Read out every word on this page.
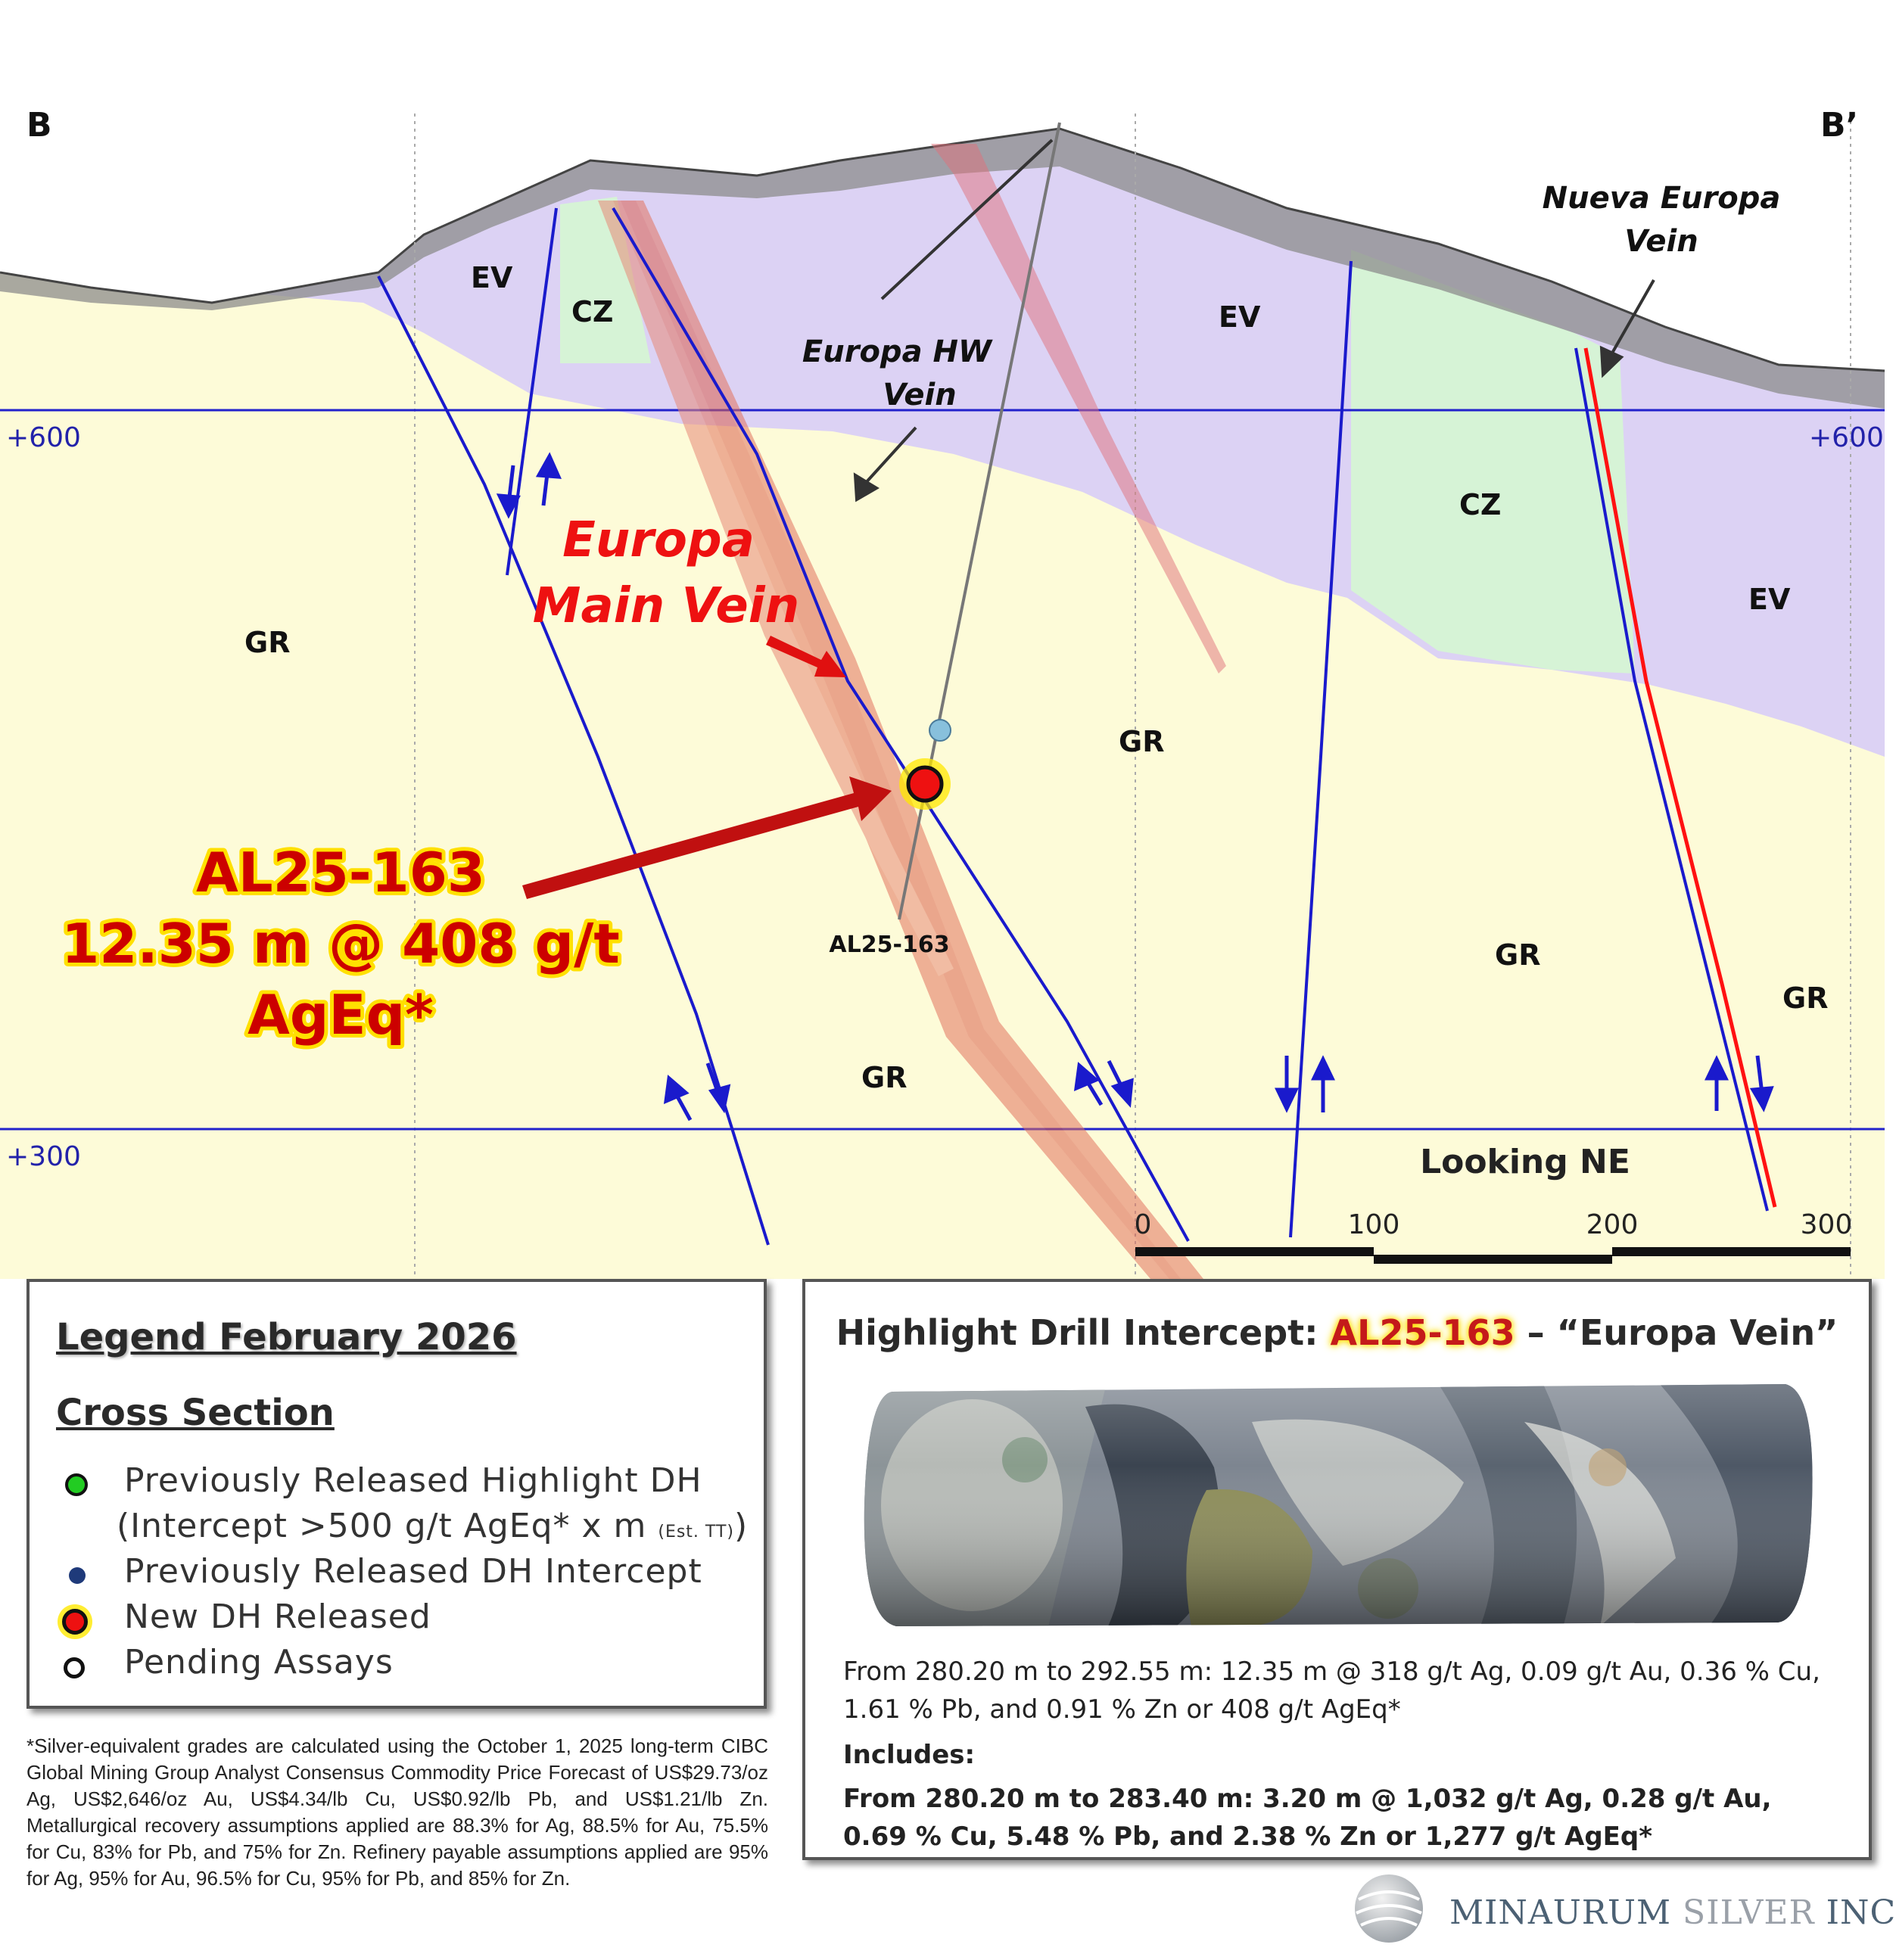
B	B’
+600	+600
+300
EV
CZ	EV
CZ
EV
GR
GR
GR
GR
GR
Nueva Europa
Vein
Europa HW
Vein
Europa
Main Vein
AL25-163
AL25-163
12.35 m @ 408 g/t
AgEq*
Looking NE
0	100	200	300
Legend February 2026
Cross Section
Previously Released Highlight DH
(Intercept >500 g/t AgEq* x m (Est. TT))
Previously Released DH Intercept
New DH Released
Pending Assays
*Silver-equivalent grades are calculated using the October 1, 2025 long-term CIBC Global Mining Group Analyst Consensus Commodity Price Forecast of US$29.73/oz Ag, US$2,646/oz Au, US$4.34/lb Cu, US$0.92/lb Pb, and US$1.21/lb Zn. Metallurgical recovery assumptions applied are 88.3% for Ag, 88.5% for Au, 75.5% for Cu, 83% for Pb, and 75% for Zn. Refinery payable assumptions applied are 95% for Ag, 95% for Au, 96.5% for Cu, 95% for Pb, and 85% for Zn.
Highlight Drill Intercept: AL25-163 – “Europa Vein”
From 280.20 m to 292.55 m: 12.35 m @ 318 g/t Ag, 0.09 g/t Au, 0.36 % Cu, 1.61 % Pb, and 0.91 % Zn or 408 g/t AgEq*
Includes:
From 280.20 m to 283.40 m: 3.20 m @ 1,032 g/t Ag, 0.28 g/t Au, 0.69 % Cu, 5.48 % Pb, and 2.38 % Zn or 1,277 g/t AgEq*
MINAURUM SILVER INC
